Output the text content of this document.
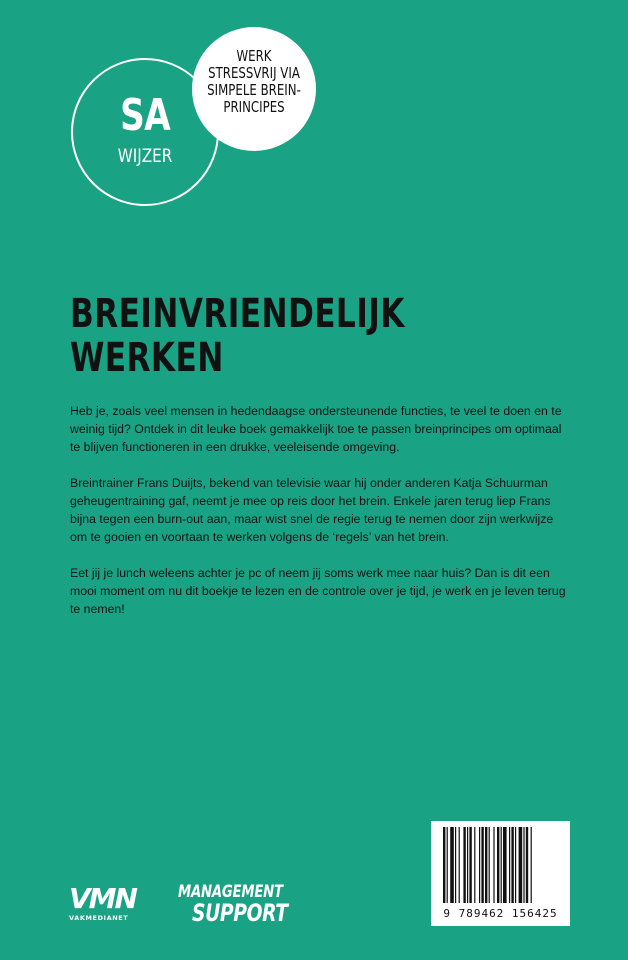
SA
WIJZER
WERK
STRESSVRIJ VIA
SIMPELE BREIN-
PRINCIPES
BREINVRIENDELIJK
WERKEN

Heb je, zoals veel mensen in hedendaagse ondersteunende functies, te veel te doen en te weinig tijd? Ontdek in dit leuke boek gemakkelijk toe te passen breinprincipes om optimaal te blijven functioneren in een drukke, veeleisende omgeving.

Breintrainer Frans Duijts, bekend van televisie waar hij onder anderen Katja Schuurman geheugentraining gaf, neemt je mee op reis door het brein. Enkele jaren terug liep Frans bijna tegen een burn-out aan, maar wist snel de regie terug te nemen door zijn werkwijze om te gooien en voortaan te werken volgens de ‘regels’ van het brein.

Eet jij je lunch weleens achter je pc of neem jij soms werk mee naar huis? Dan is dit een mooi moment om nu dit boekje te lezen en de controle over je tijd, je werk en je leven terug te nemen!

VMN
VAKMEDIANET
MANAGEMENT
SUPPORT	9 789462 156425
